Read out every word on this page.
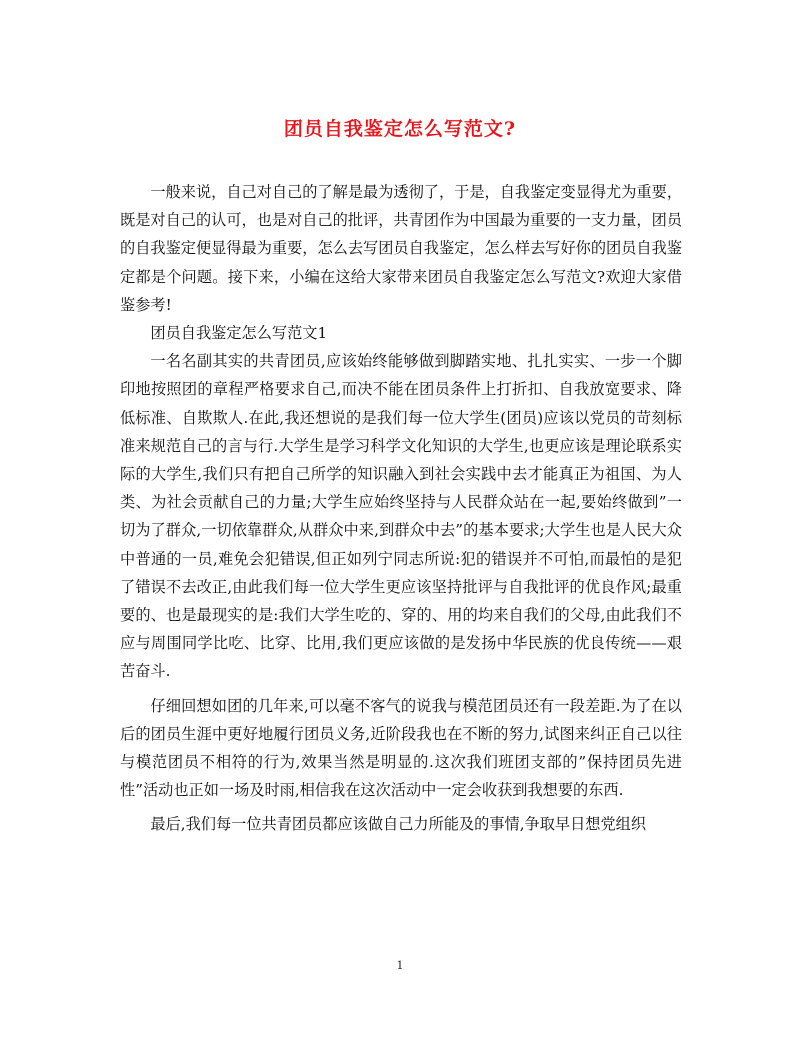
团员自我鉴定怎么写范文?

一般来说，自己对自己的了解是最为透彻了，于是，自我鉴定变显得尤为重要，既是对自己的认可，也是对自己的批评，共青团作为中国最为重要的一支力量，团员的自我鉴定便显得最为重要，怎么去写团员自我鉴定，怎么样去写好你的团员自我鉴定都是个问题。接下来，小编在这给大家带来团员自我鉴定怎么写范文?欢迎大家借鉴参考!

团员自我鉴定怎么写范文1

一名名副其实的共青团员,应该始终能够做到脚踏实地、扎扎实实、一步一个脚印地按照团的章程严格要求自己,而决不能在团员条件上打折扣、自我放宽要求、降低标准、自欺欺人.在此,我还想说的是我们每一位大学生(团员)应该以党员的苛刻标准来规范自己的言与行.大学生是学习科学文化知识的大学生,也更应该是理论联系实际的大学生,我们只有把自己所学的知识融入到社会实践中去才能真正为祖国、为人类、为社会贡献自己的力量;大学生应始终坚持与人民群众站在一起,要始终做到”一切为了群众,一切依靠群众,从群众中来,到群众中去”的基本要求;大学生也是人民大众中普通的一员,难免会犯错误,但正如列宁同志所说:犯的错误并不可怕,而最怕的是犯了错误不去改正,由此我们每一位大学生更应该坚持批评与自我批评的优良作风;最重要的、也是最现实的是:我们大学生吃的、穿的、用的均来自我们的父母,由此我们不应与周围同学比吃、比穿、比用,我们更应该做的是发扬中华民族的优良传统——艰苦奋斗.

仔细回想如团的几年来,可以毫不客气的说我与模范团员还有一段差距.为了在以后的团员生涯中更好地履行团员义务,近阶段我也在不断的努力,试图来纠正自己以往与模范团员不相符的行为,效果当然是明显的.这次我们班团支部的”保持团员先进性”活动也正如一场及时雨,相信我在这次活动中一定会收获到我想要的东西.

最后,我们每一位共青团员都应该做自己力所能及的事情,争取早日想党组织

1
